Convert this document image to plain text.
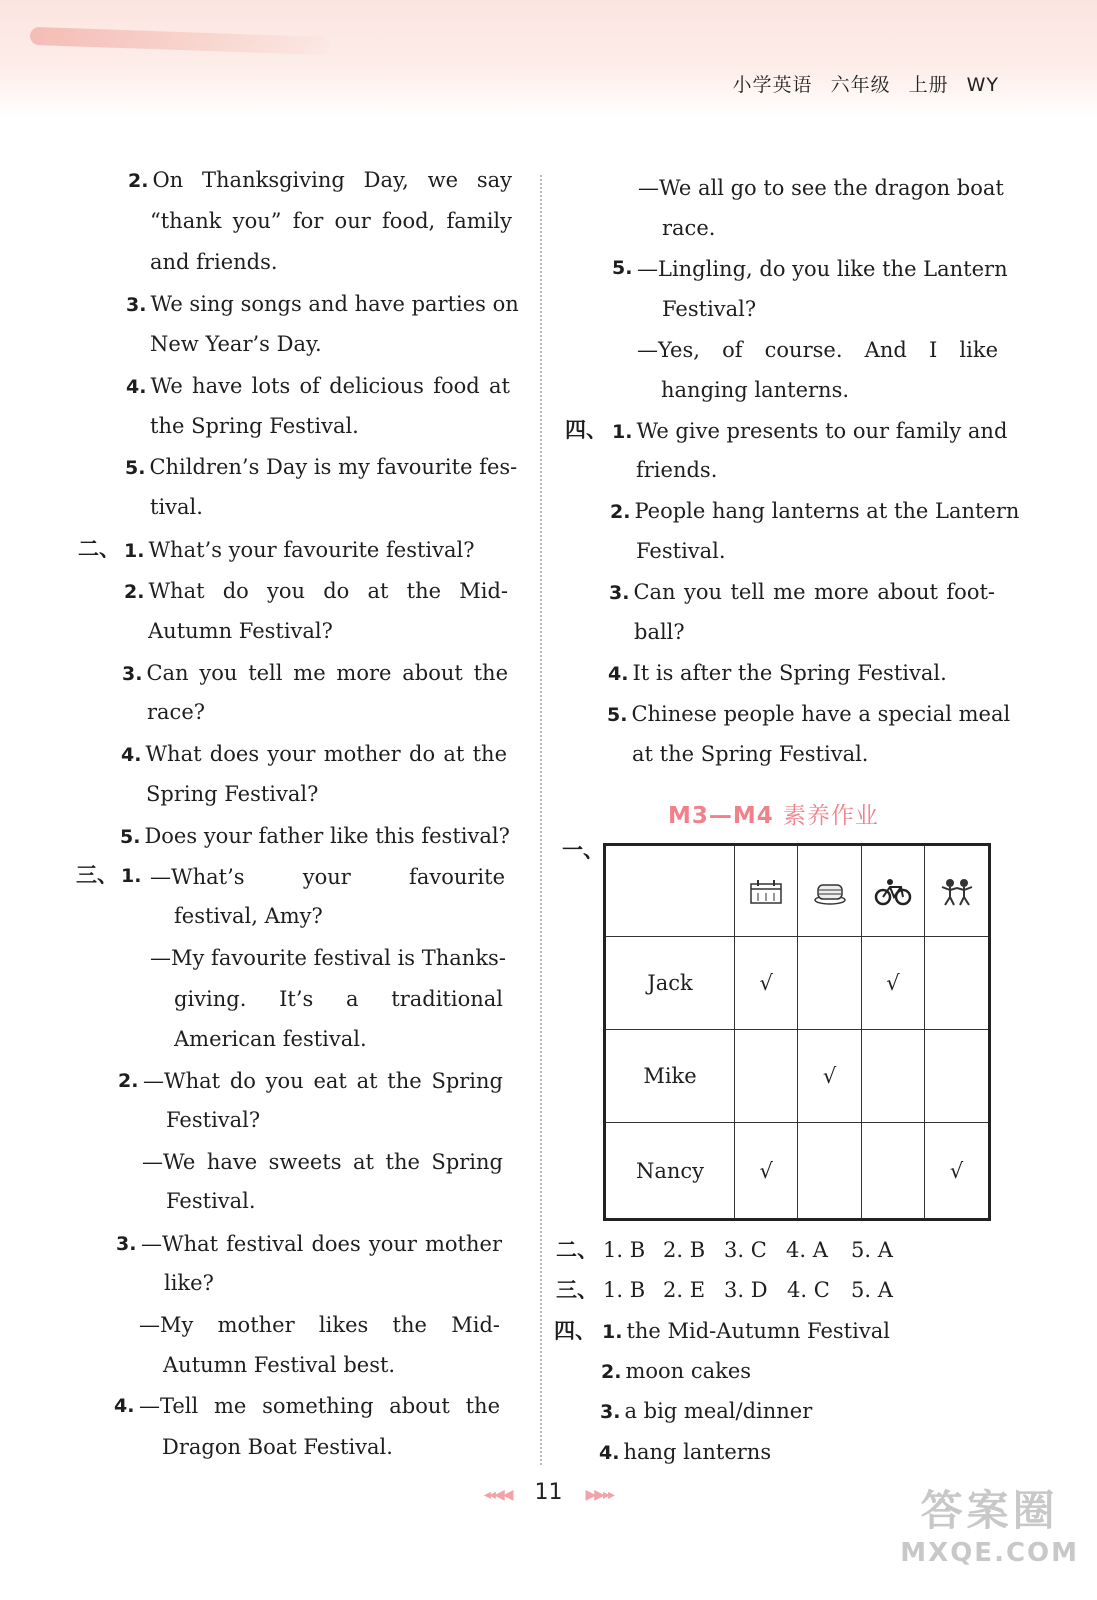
小学英语 六年级 上册 WY
2. On Thanksgiving Day, we say
“thank you” for our food, family
and friends.
3. We sing songs and have parties on
New Year’s Day.
4. We have lots of delicious food at
the Spring Festival.
5. Children’s Day is my favourite fes-
tival.
二、 1. What’s your favourite festival?
2. What do you do at the Mid-
Autumn Festival?
3. Can you tell me more about the
race?
4. What does your mother do at the
Spring Festival?
5. Does your father like this festival?
三、 1. —What’s your favourite
festival, Amy?
—My favourite festival is Thanks-
giving. It’s a traditional
American festival.
2. —What do you eat at the Spring
Festival?
—We have sweets at the Spring
Festival.
3. —What festival does your mother
like?
—My mother likes the Mid-
Autumn Festival best.
4. —Tell me something about the
Dragon Boat Festival.
—We all go to see the dragon boat
race.
5. —Lingling, do you like the Lantern
Festival?
—Yes, of course. And I like
hanging lanterns.
四、 1. We give presents to our family and
friends.
2. People hang lanterns at the Lantern
Festival.
3. Can you tell me more about foot-
ball?
4. It is after the Spring Festival.
5. Chinese people have a special meal
at the Spring Festival.
M3—M4 素养作业
一、

Jack	√		√	
Mike		√		
Nancy	√			√
二、 1. B 2. B 3. C 4. A 5. A
三、 1. B 2. E 3. D 4. C 5. A
四、 1. the Mid-Autumn Festival
2. moon cakes
3. a big meal/dinner
4. hang lanterns
◂◂◀◀ 11 ▶▶▸▸	答案圈
MXQE.COM
